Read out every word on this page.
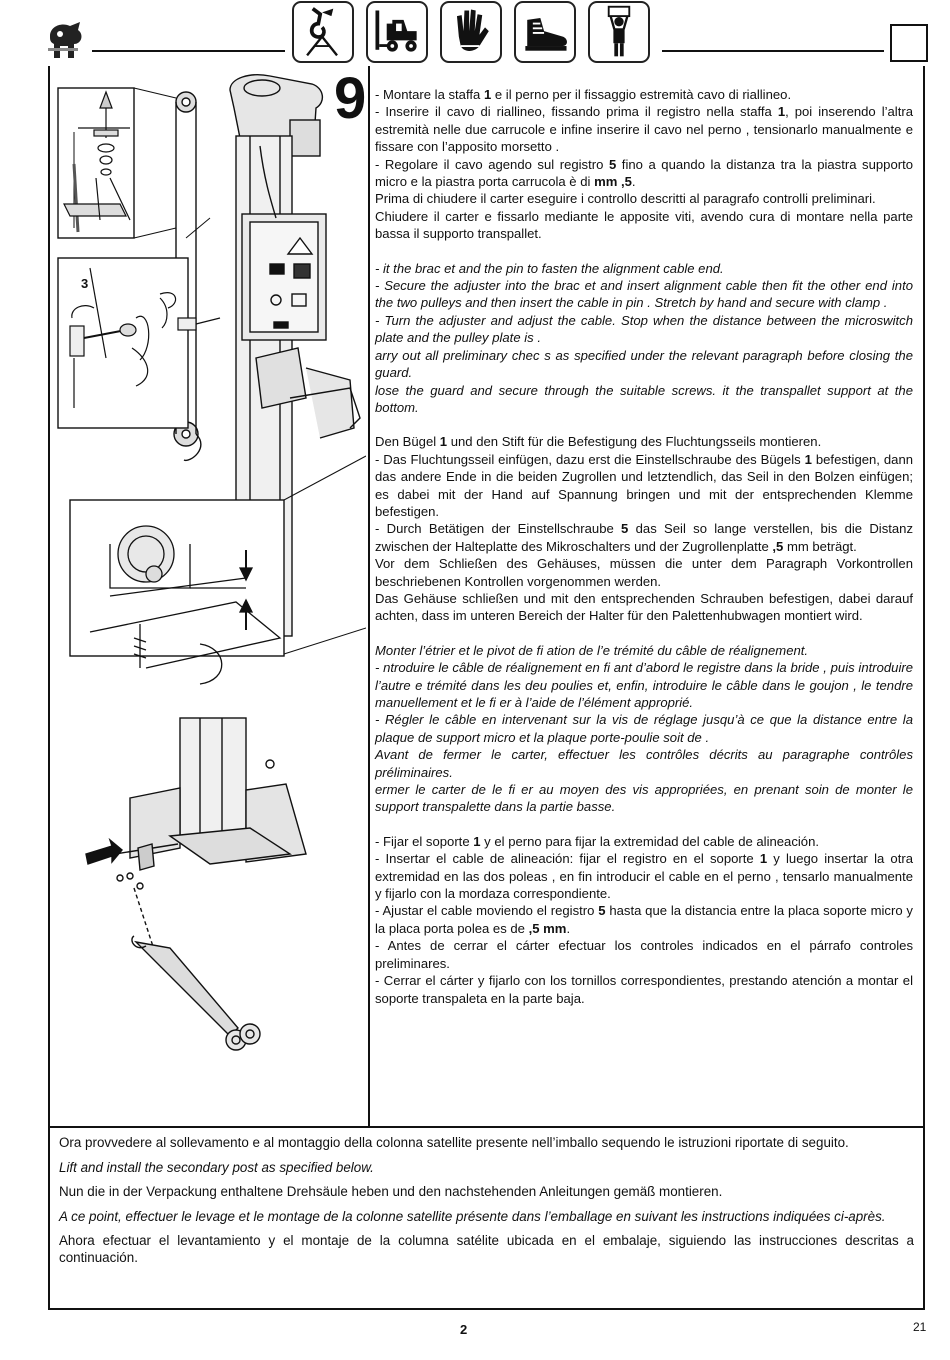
3
9 - Montare la staffa 1 e il perno per il fissaggio estremità cavo di riallineo.

- Inserire il cavo di riallineo, fissando prima il registro nella staffa 1, poi inserendo l’altra estremità nelle due carrucole e infine inserire il cavo nel perno , tensionarlo manualmente e fissare con l’apposito morsetto .

- Regolare il cavo agendo sul registro 5 fino a quando la distanza tra la piastra supporto micro e la piastra porta carrucola è di mm ,5.

Prima di chiudere il carter eseguire i controllo descritti al paragrafo controlli preliminari.

Chiudere il carter e fissarlo mediante le apposite viti, avendo cura di montare nella parte bassa il supporto transpallet.

- it the brac et and the pin to fasten the alignment cable end.

- Secure the adjuster into the brac et and insert alignment cable then fit the other end into the two pulleys and then insert the cable in pin . Stretch by hand and secure with clamp .

- Turn the adjuster and adjust the cable. Stop when the distance between the microswitch plate and the pulley plate is .

arry out all preliminary chec s as specified under the relevant paragraph before closing the guard.

lose the guard and secure through the suitable screws. it the transpallet support at the bottom.

Den Bügel 1 und den Stift für die Befestigung des Fluchtungsseils montieren.

- Das Fluchtungsseil einfügen, dazu erst die Einstellschraube des Bügels 1 befestigen, dann das andere Ende in die beiden Zugrollen und letztendlich, das Seil in den Bolzen einfügen; es dabei mit der Hand auf Spannung bringen und mit der entsprechenden Klemme befestigen.

- Durch Betätigen der Einstellschraube 5 das Seil so lange verstellen, bis die Distanz zwischen der Halteplatte des Mikroschalters und der Zugrollenplatte ,5 mm beträgt.

Vor dem Schließen des Gehäuses, müssen die unter dem Paragraph Vorkontrollen beschriebenen Kontrollen vorgenommen werden.

Das Gehäuse schließen und mit den entsprechenden Schrauben befestigen, dabei darauf achten, dass im unteren Bereich der Halter für den Palettenhubwagen montiert wird.

Monter l’étrier et le pivot de fi ation de l’e trémité du câble de réalignement.

- ntroduire le câble de réalignement en fi ant d’abord le registre dans la bride , puis introduire l’autre e trémité dans les deu poulies et, enfin, introduire le câble dans le goujon , le tendre manuellement et le fi er à l’aide de l’élément approprié.

- Régler le câble en intervenant sur la vis de réglage jusqu’à ce que la distance entre la plaque de support micro et la plaque porte-poulie soit de .

Avant de fermer le carter, effectuer les contrôles décrits au paragraphe contrôles préliminaires.

ermer le carter de le fi er au moyen des vis appropriées, en prenant soin de monter le support transpalette dans la partie basse.

- Fijar el soporte 1 y el perno para fijar la extremidad del cable de alineación.

- Insertar el cable de alineación: fijar el registro en el soporte 1 y luego insertar la otra extremidad en las dos poleas , en fin introducir el cable en el perno , tensarlo manualmente y fijarlo con la mordaza correspondiente.

- Ajustar el cable moviendo el registro 5 hasta que la distancia entre la placa soporte micro y la placa porta polea es de ,5 mm.

- Antes de cerrar el cárter efectuar los controles indicados en el párrafo controles preliminares.

- Cerrar el cárter y fijarlo con los tornillos correspondientes, prestando atención a montar el soporte transpaleta en la parte baja.

Ora provvedere al sollevamento e al montaggio della colonna satellite presente nell’imballo sequendo le istruzioni riportate di seguito.

Lift and install the secondary post as specified below.

Nun die in der Verpackung enthaltene Drehsäule heben und den nachstehenden Anleitungen gemäß montieren.

A ce point, effectuer le levage et le montage de la colonne satellite présente dans l’emballage en suivant les instructions indiquées ci-après.

Ahora efectuar el levantamiento y el montaje de la columna satélite ubicada en el embalaje, siguiendo las instrucciones descritas a continuación.

2	21
